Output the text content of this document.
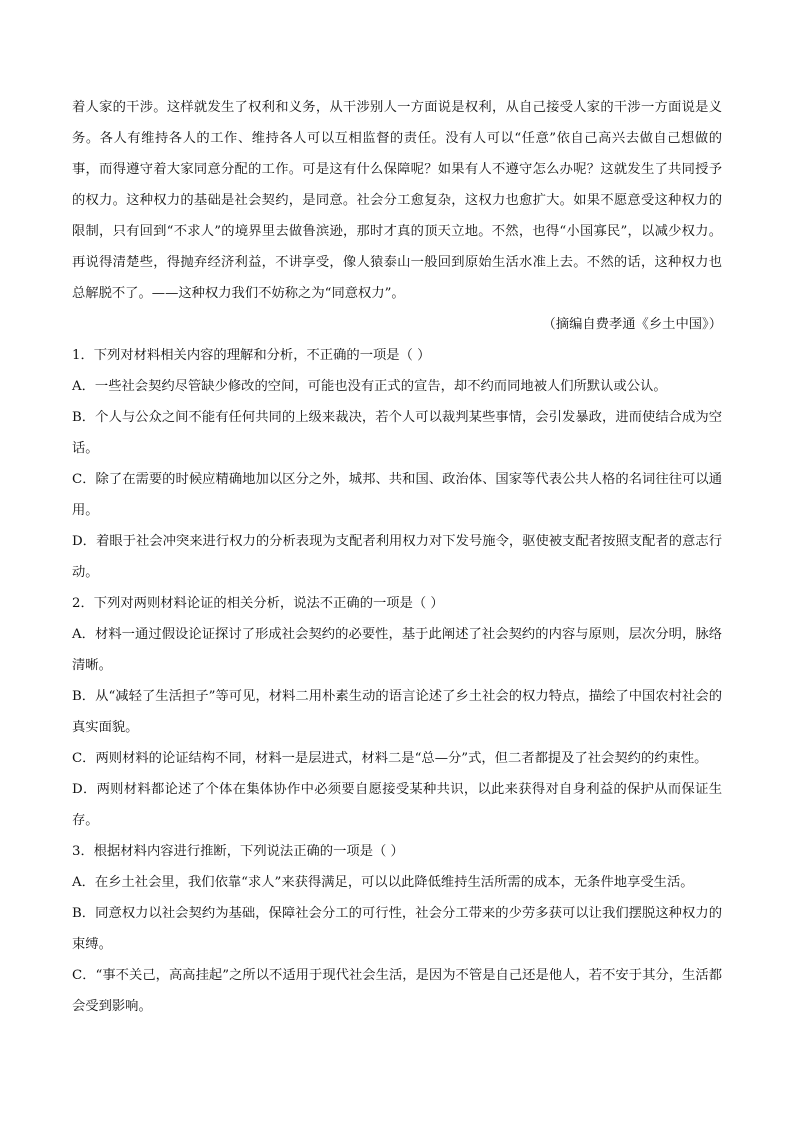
着人家的干涉。这样就发生了权利和义务，从干涉别人一方面说是权利，从自己接受人家的干涉一方面说是义务。各人有维持各人的工作、维持各人可以互相监督的责任。没有人可以“任意”依自己高兴去做自己想做的事，而得遵守着大家同意分配的工作。可是这有什么保障呢？如果有人不遵守怎么办呢？这就发生了共同授予的权力。这种权力的基础是社会契约，是同意。社会分工愈复杂，这权力也愈扩大。如果不愿意受这种权力的限制，只有回到“不求人”的境界里去做鲁滨逊，那时才真的顶天立地。不然，也得“小国寡民”，以减少权力。再说得清楚些，得抛弃经济利益，不讲享受，像人猿泰山一般回到原始生活水准上去。不然的话，这种权力也总解脱不了。——这种权力我们不妨称之为“同意权力”。

（摘编自费孝通《乡土中国》）

1．下列对材料相关内容的理解和分析，不正确的一项是（ ）

A．一些社会契约尽管缺少修改的空间，可能也没有正式的宣告，却不约而同地被人们所默认或公认。

B．个人与公众之间不能有任何共同的上级来裁决，若个人可以裁判某些事情，会引发暴政，进而使结合成为空话。

C．除了在需要的时候应精确地加以区分之外，城邦、共和国、政治体、国家等代表公共人格的名词往往可以通用。

D．着眼于社会冲突来进行权力的分析表现为支配者利用权力对下发号施令，驱使被支配者按照支配者的意志行动。

2．下列对两则材料论证的相关分析，说法不正确的一项是（ ）

A．材料一通过假设论证探讨了形成社会契约的必要性，基于此阐述了社会契约的内容与原则，层次分明，脉络清晰。

B．从“减轻了生活担子”等可见，材料二用朴素生动的语言论述了乡土社会的权力特点，描绘了中国农村社会的真实面貌。

C．两则材料的论证结构不同，材料一是层进式，材料二是“总—分”式，但二者都提及了社会契约的约束性。

D．两则材料都论述了个体在集体协作中必须要自愿接受某种共识，以此来获得对自身利益的保护从而保证生存。

3．根据材料内容进行推断，下列说法正确的一项是（ ）

A．在乡土社会里，我们依靠“求人”来获得满足，可以以此降低维持生活所需的成本，无条件地享受生活。

B．同意权力以社会契约为基础，保障社会分工的可行性，社会分工带来的少劳多获可以让我们摆脱这种权力的束缚。

C．“事不关己，高高挂起”之所以不适用于现代社会生活，是因为不管是自己还是他人，若不安于其分，生活都会受到影响。
